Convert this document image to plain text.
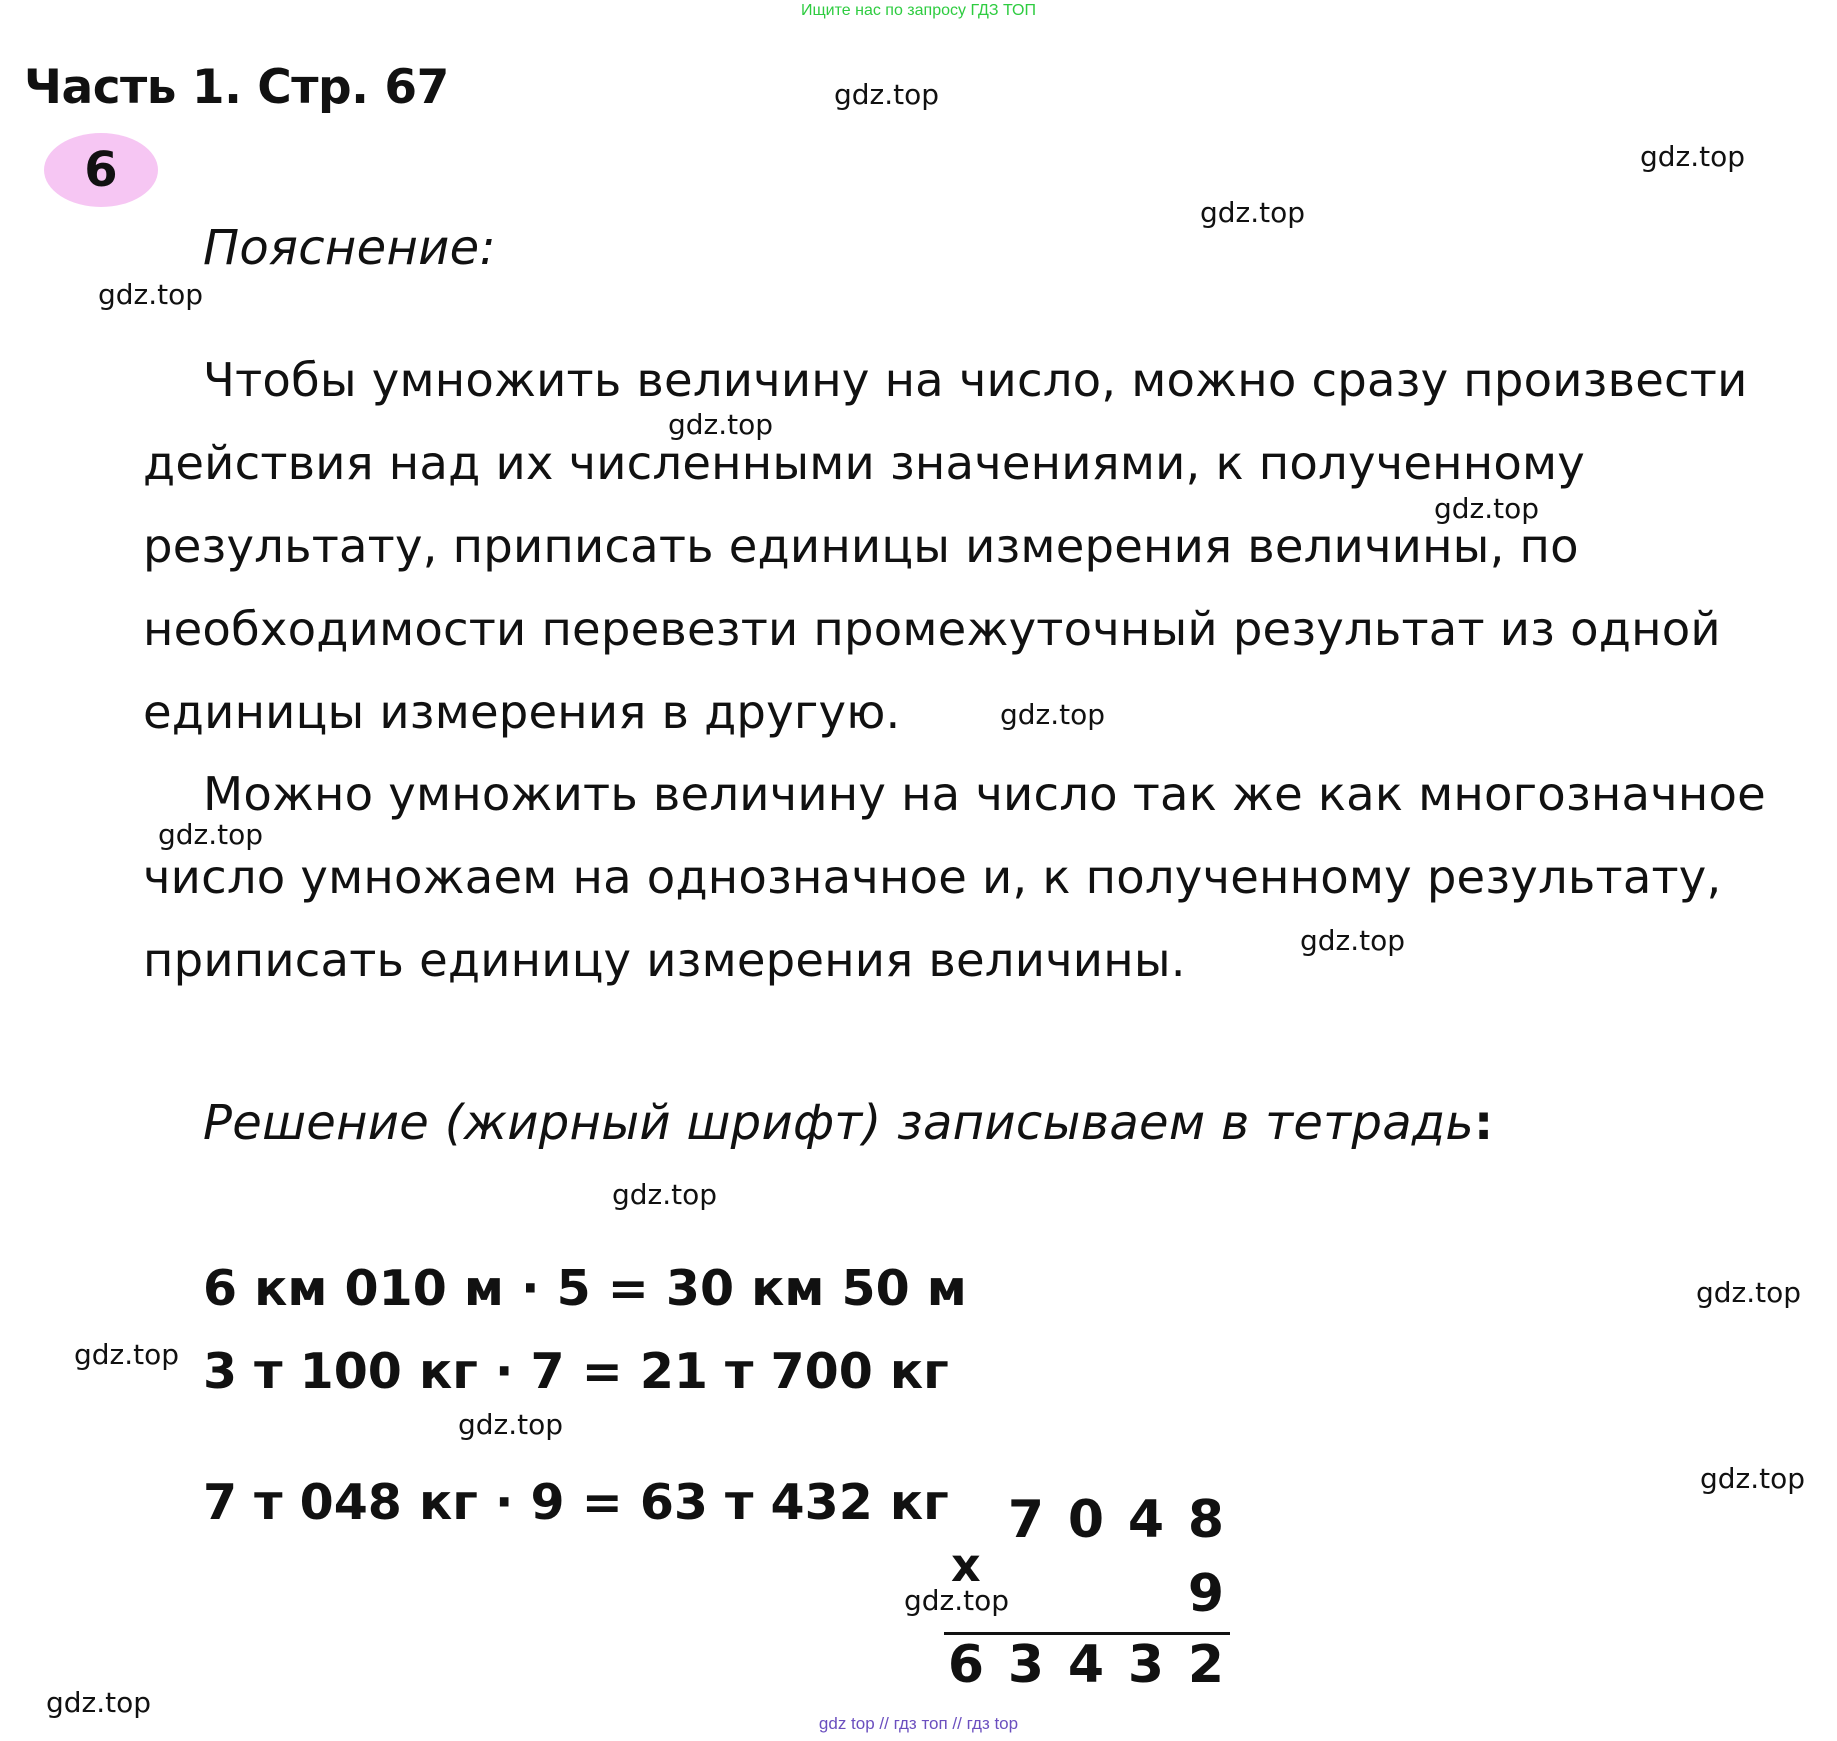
Ищите нас по запросу ГДЗ ТОП
Часть 1. Стр. 67
6
Пояснение:
Чтобы умножить величину на число, можно сразу произвести
действия над их численными значениями, к полученному
результату, приписать единицы измерения величины, по
необходимости перевезти промежуточный результат из одной
единицы измерения в другую.
Можно умножить величину на число так же как многозначное
число умножаем на однозначное и, к полученному результату,
приписать единицу измерения величины.
Решение (жирный шрифт) записываем в тетрадь:
6 км 010 м · 5 = 30 км 50 м
3 т 100 кг · 7 = 21 т 700 кг
7 т 048 кг · 9 = 63 т 432 кг
х
7 0 4 8
9
6 3 4 3 2
gdz.top
gdz.top
gdz.top
gdz.top
gdz.top
gdz.top
gdz.top
gdz.top
gdz.top
gdz.top
gdz.top
gdz.top
gdz.top
gdz.top
gdz.top
gdz.top
gdz top // гдз топ // гдз top
